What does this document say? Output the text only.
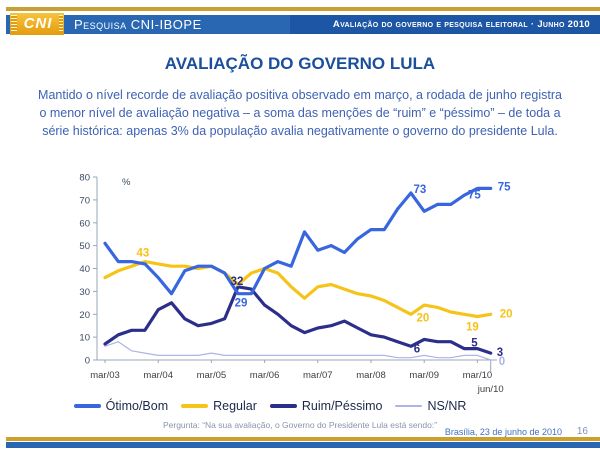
CNI	Pesquisa CNI-IBOPE	Avaliação do governo e pesquisa eleitoral · Junho 2010
AVALIAÇÃO DO GOVERNO LULA
Mantido o nível recorde de avaliação positiva observado em março, a rodada de junho registra o menor nível de avaliação negativa – a soma das menções de “ruim” e “péssimo” – de toda a série histórica: apenas 3% da população avalia negativamente o governo do presidente Lula.
0
10
20
30
40
50
60
70
80	%
mar/03 mar/04 mar/05 mar/06 mar/07 mar/08 mar/09 mar/10
jun/10
43
32
29
73	75
75
20
19
20
6	5
3
0
Ótimo/Bom	Regular	Ruim/Péssimo	NS/NR
Pergunta: “Na sua avaliação, o Governo do Presidente Lula está sendo:”
Brasília, 23 de junho de 2010 16
